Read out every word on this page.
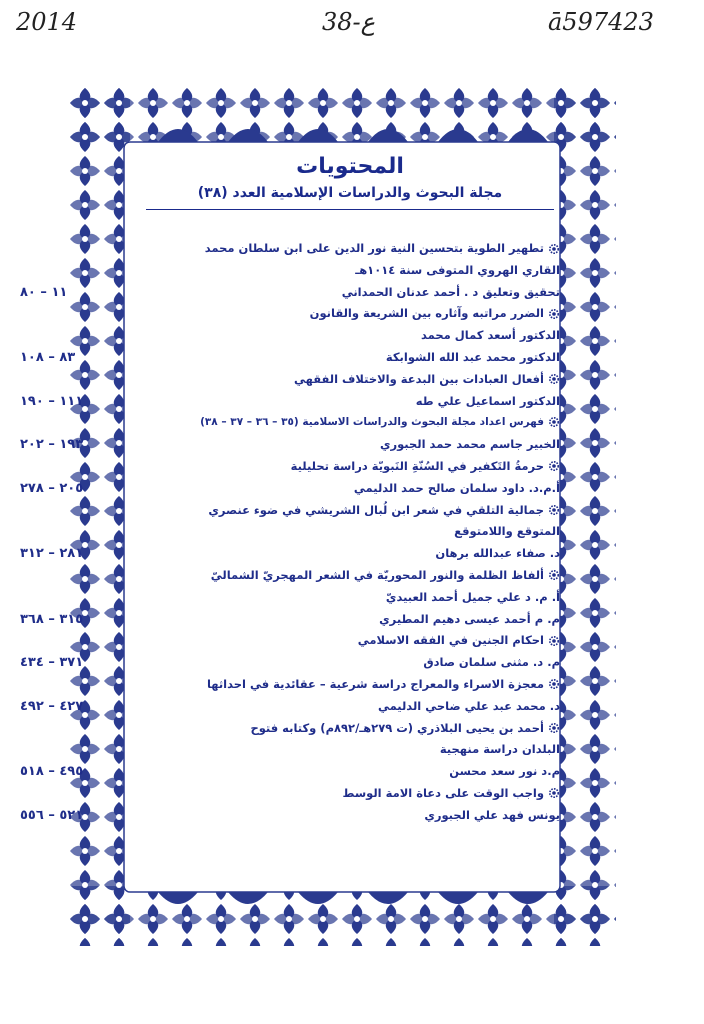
2014	38-ع	ā597423
المحتويات
مجلة البحوث والدراسات الإسلامية العدد (٣٨)
تطهير الطوية بتحسين النية نور الدين على ابن سلطان محمد
القاري الهروي المتوفى سنة ١٠١٤هـ
تحقيق وتعليق د . أحمد عدنان الحمداني
١١ – ٨٠
الضرر مراتبه وآثاره بين الشريعة والقانون
الدكتور أسعد كمال محمد
الدكتور محمد عبد الله الشوابكة
٨٣ – ١٠٨
أفعال العبادات بين البدعة والاختلاف الفقهي
الدكتور اسماعيل علي طه
١١١ – ١٩٠
فهرس اعداد مجلة البحوث والدراسات الاسلامية (٣٥ – ٣٦ – ٣٧ – ٣٨)
الخبير جاسم محمد حمد الجبوري
١٩٣ – ٢٠٢
حرمةُ التَكفير في السُنّةِ النَبويّة دراسة تحليلية
أ.م.د. داود سلمان صالح حمد الدليمي
٢٠٥ – ٢٧٨
جمالية التلقي في شعر ابن لُبال الشريشي في ضوء عنصري
المتوقع واللامتوقع
د. صفاء عبدالله برهان
٢٨١ – ٣١٢
ألفاظ الظلمة والنور المحوريّة في الشعر المهجريّ الشماليّ
أ. م. د علي جميل أحمد العبيديّ
م. م أحمد عيسى دهيم المطيري
٣١٥ – ٣٦٨
احكام الجنين في الفقه الاسلامي
م. د. مثنى سلمان صادق
٣٧١ – ٤٣٤
معجزة الاسراء والمعراج دراسة شرعية – عقائدية في احداثها
د. محمد عبد علي ضاحي الدليمي
٤٢٧ – ٤٩٢
أحمد بن يحيى البلاذري (ت ٢٧٩هـ/٨٩٢م) وكتابه فتوح
البلدان دراسة منهجية
م.د نور سعد محسن
٤٩٥ – ٥١٨
واجب الوقت على دعاة الامة الوسط
يونس فهد علي الجبوري
٥٢١ – ٥٥٦
